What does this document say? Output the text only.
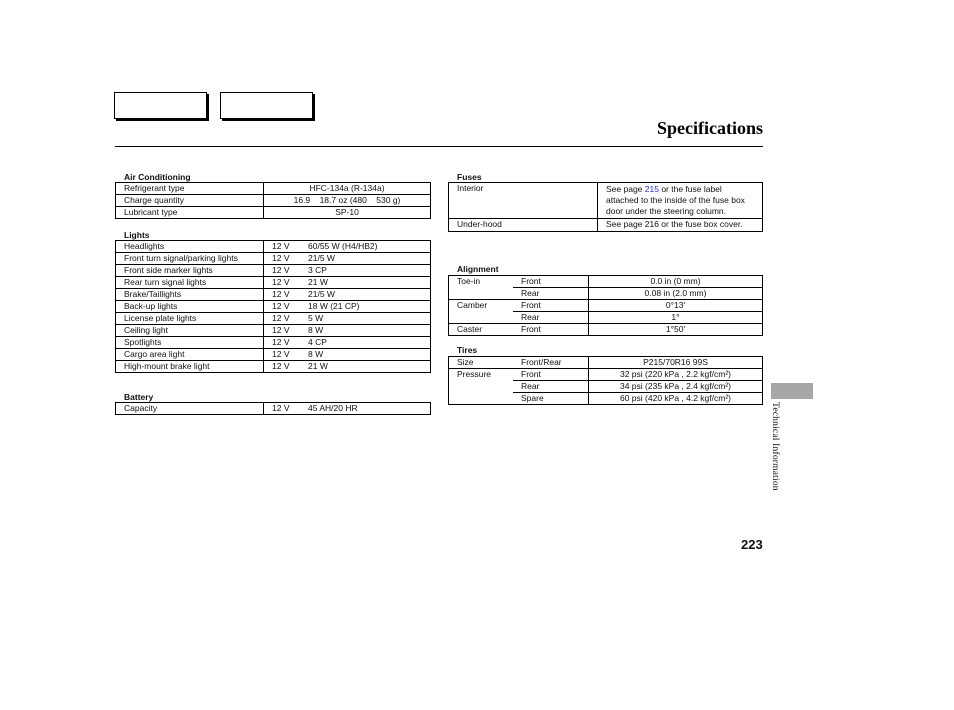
Specifications
Air Conditioning
Refrigerant type	HFC-134a (R-134a)
Charge quantity	16.9    18.7 oz (480    530 g)
Lubricant type	SP-10
Lights
Headlights	12 V	60/55 W (H4/HB2)
Front turn signal/parking lights	12 V	21/5 W
Front side marker lights	12 V	3 CP
Rear turn signal lights	12 V	21 W
Brake/Taillights	12 V	21/5 W
Back-up lights	12 V	18 W (21 CP)
License plate lights	12 V	5 W
Ceiling light	12 V	8 W
Spotlights	12 V	4 CP
Cargo area light	12 V	8 W
High-mount brake light	12 V	21 W
Battery
Capacity	12 V	45 AH/20 HR
Fuses
Interior	See page 215 or the fuse label attached to the inside of the fuse box door under the steering column.
Under-hood	See page 216 or the fuse box cover.
Alignment
Toe-in	Front	0.0 in (0 mm)
	Rear	0.08 in (2.0 mm)
Camber	Front	0°13′
	Rear	1°
Caster	Front	1°50′
Tires
Size	Front/Rear	P215/70R16 99S
Pressure	Front	32 psi (220 kPa , 2.2 kgf/cm²)
	Rear	34 psi (235 kPa , 2.4 kgf/cm²)
	Spare	60 psi (420 kPa , 4.2 kgf/cm²)
Technical Information
223
